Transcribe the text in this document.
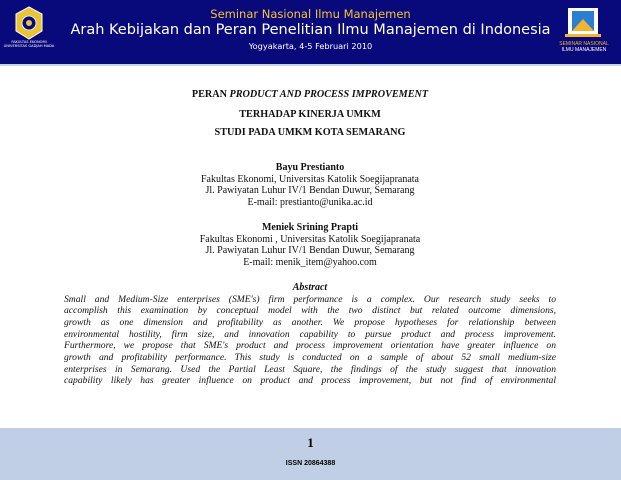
FAKULTAS EKONOMI UNIVERSITAS GADJAH MADA
Seminar Nasional Ilmu Manajemen
Arah Kebijakan dan Peran Penelitian Ilmu Manajemen di Indonesia
Yogyakarta, 4-5 Februari 2010	SEMINAR NASIONAL
ILMU MANAJEMEN
PERAN PRODUCT AND PROCESS IMPROVEMENT
TERHADAP KINERJA UMKM
STUDI PADA UMKM KOTA SEMARANG
Bayu Prestianto
Fakultas Ekonomi, Universitas Katolik Soegijapranata
Jl. Pawiyatan Luhur IV/1 Bendan Duwur, Semarang
E-mail: prestianto@unika.ac.id
Meniek Srining Prapti
Fakultas Ekonomi , Universitas Katolik Soegijapranata
Jl. Pawiyatan Luhur IV/1 Bendan Duwur, Semarang
E-mail: menik_item@yahoo.com
Abstract
Small and Medium-Size enterprises (SME's) firm performance is a complex. Our research study seeks to
accomplish this examination by conceptual model with the two distinct but related outcome dimensions,
growth as one dimension and profitability as another. We propose hypotheses for relationship between
environmental hostility, firm size, and innovation capability to pursue product and process improvement.
Furthermore, we propose that SME's product and process improvement orientation have greater influence on
growth and profitability performance. This study is conducted on a sample of about 52 small medium-size
enterprises in Semarang. Used the Partial Least Square, the findings of the study suggest that innovation
capability likely has greater influence on product and process improvement, but not find of environmental
1
ISSN 20864388
